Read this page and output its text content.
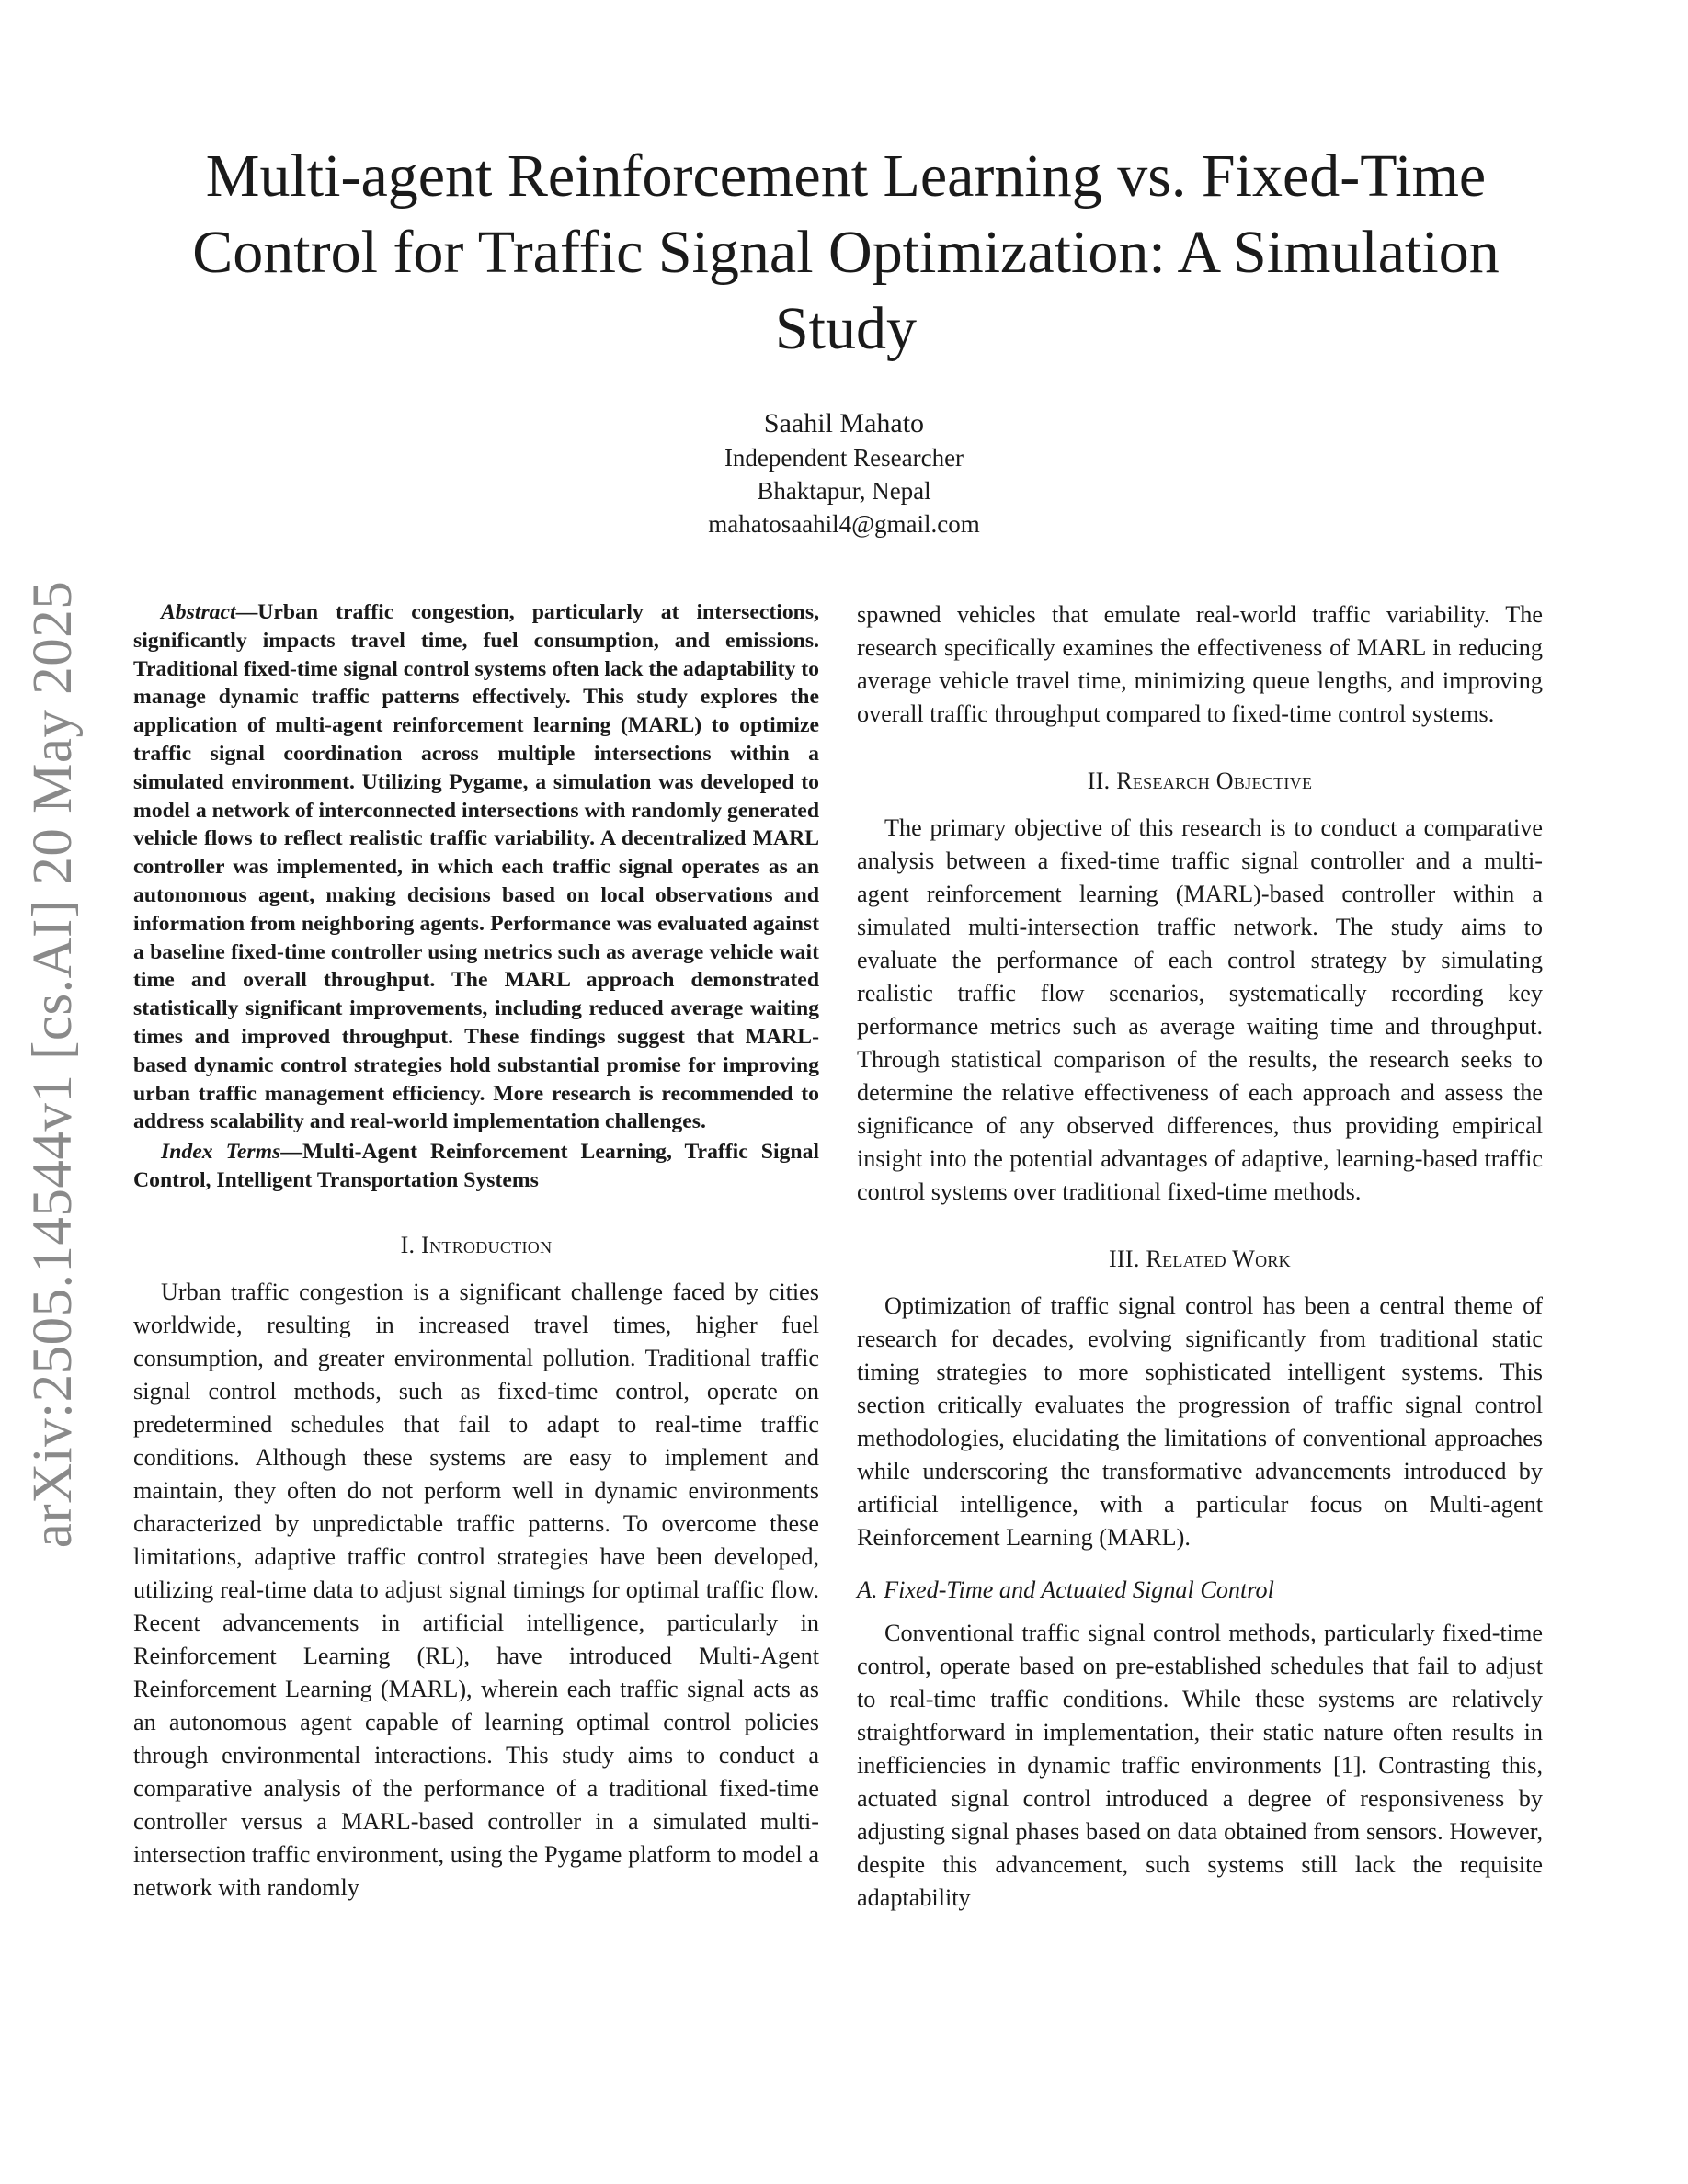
arXiv:2505.14544v1 [cs.AI] 20 May 2025
Multi-agent Reinforcement Learning vs. Fixed-Time Control for Traffic Signal Optimization: A Simulation Study
Saahil Mahato
Independent Researcher
Bhaktapur, Nepal
mahatosaahil4@gmail.com

Abstract—Urban traffic congestion, particularly at intersections, significantly impacts travel time, fuel consumption, and emissions. Traditional fixed-time signal control systems often lack the adaptability to manage dynamic traffic patterns effectively. This study explores the application of multi-agent reinforcement learning (MARL) to optimize traffic signal coordination across multiple intersections within a simulated environment. Utilizing Pygame, a simulation was developed to model a network of interconnected intersections with randomly generated vehicle flows to reflect realistic traffic variability. A decentralized MARL controller was implemented, in which each traffic signal operates as an autonomous agent, making decisions based on local observations and information from neighboring agents. Performance was evaluated against a baseline fixed-time controller using metrics such as average vehicle wait time and overall throughput. The MARL approach demonstrated statistically significant improvements, including reduced average waiting times and improved throughput. These findings suggest that MARL-based dynamic control strategies hold substantial promise for improving urban traffic management efficiency. More research is recommended to address scalability and real-world implementation challenges.

Index Terms—Multi-Agent Reinforcement Learning, Traffic Signal Control, Intelligent Transportation Systems

I. Introduction

Urban traffic congestion is a significant challenge faced by cities worldwide, resulting in increased travel times, higher fuel consumption, and greater environmental pollution. Traditional traffic signal control methods, such as fixed-time control, operate on predetermined schedules that fail to adapt to real-time traffic conditions. Although these systems are easy to implement and maintain, they often do not perform well in dynamic environments characterized by unpredictable traffic patterns. To overcome these limitations, adaptive traffic control strategies have been developed, utilizing real-time data to adjust signal timings for optimal traffic flow. Recent advancements in artificial intelligence, particularly in Reinforcement Learning (RL), have introduced Multi-Agent Reinforcement Learning (MARL), wherein each traffic signal acts as an autonomous agent capable of learning optimal control policies through environmental interactions. This study aims to conduct a comparative analysis of the performance of a traditional fixed-time controller versus a MARL-based controller in a simulated multi-intersection traffic environment, using the Pygame platform to model a network with randomly

spawned vehicles that emulate real-world traffic variability. The research specifically examines the effectiveness of MARL in reducing average vehicle travel time, minimizing queue lengths, and improving overall traffic throughput compared to fixed-time control systems.

II. Research Objective

The primary objective of this research is to conduct a comparative analysis between a fixed-time traffic signal controller and a multi-agent reinforcement learning (MARL)-based controller within a simulated multi-intersection traffic network. The study aims to evaluate the performance of each control strategy by simulating realistic traffic flow scenarios, systematically recording key performance metrics such as average waiting time and throughput. Through statistical comparison of the results, the research seeks to determine the relative effectiveness of each approach and assess the significance of any observed differences, thus providing empirical insight into the potential advantages of adaptive, learning-based traffic control systems over traditional fixed-time methods.

III. Related Work

Optimization of traffic signal control has been a central theme of research for decades, evolving significantly from traditional static timing strategies to more sophisticated intelligent systems. This section critically evaluates the progression of traffic signal control methodologies, elucidating the limitations of conventional approaches while underscoring the transformative advancements introduced by artificial intelligence, with a particular focus on Multi-agent Reinforcement Learning (MARL).

A. Fixed-Time and Actuated Signal Control

Conventional traffic signal control methods, particularly fixed-time control, operate based on pre-established schedules that fail to adjust to real-time traffic conditions. While these systems are relatively straightforward in implementation, their static nature often results in inefficiencies in dynamic traffic environments [1]. Contrasting this, actuated signal control introduced a degree of responsiveness by adjusting signal phases based on data obtained from sensors. However, despite this advancement, such systems still lack the requisite adaptability
